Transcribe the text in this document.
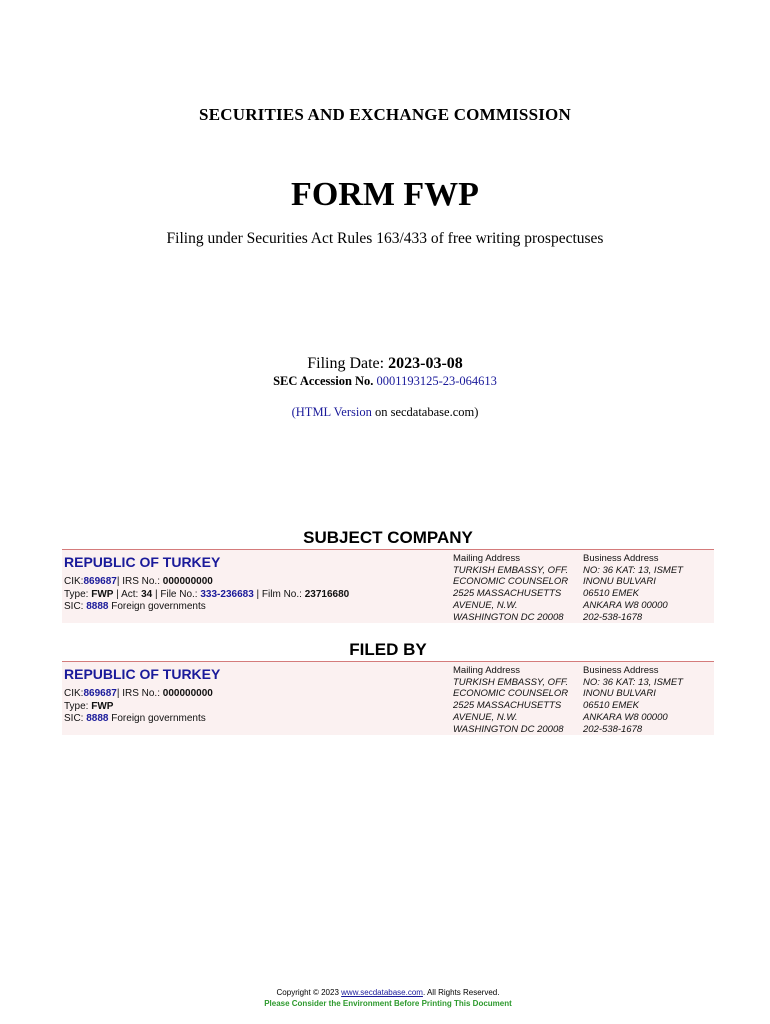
SECURITIES AND EXCHANGE COMMISSION
FORM FWP
Filing under Securities Act Rules 163/433 of free writing prospectuses
Filing Date: 2023-03-08
SEC Accession No. 0001193125-23-064613
(HTML Version on secdatabase.com)
SUBJECT COMPANY
REPUBLIC OF TURKEY
CIK:869687| IRS No.: 000000000
Type: FWP | Act: 34 | File No.: 333-236683 | Film No.: 23716680
SIC: 8888 Foreign governments
Mailing Address
TURKISH EMBASSY, OFF.
ECONOMIC COUNSELOR
2525 MASSACHUSETTS
AVENUE, N.W.
WASHINGTON DC 20008
Business Address
NO: 36 KAT: 13, ISMET
INONU BULVARI
06510 EMEK
ANKARA W8 00000
202-538-1678
FILED BY
REPUBLIC OF TURKEY
CIK:869687| IRS No.: 000000000
Type: FWP
SIC: 8888 Foreign governments
Mailing Address
TURKISH EMBASSY, OFF.
ECONOMIC COUNSELOR
2525 MASSACHUSETTS
AVENUE, N.W.
WASHINGTON DC 20008
Business Address
NO: 36 KAT: 13, ISMET
INONU BULVARI
06510 EMEK
ANKARA W8 00000
202-538-1678
Copyright © 2023 www.secdatabase.com. All Rights Reserved.
Please Consider the Environment Before Printing This Document
